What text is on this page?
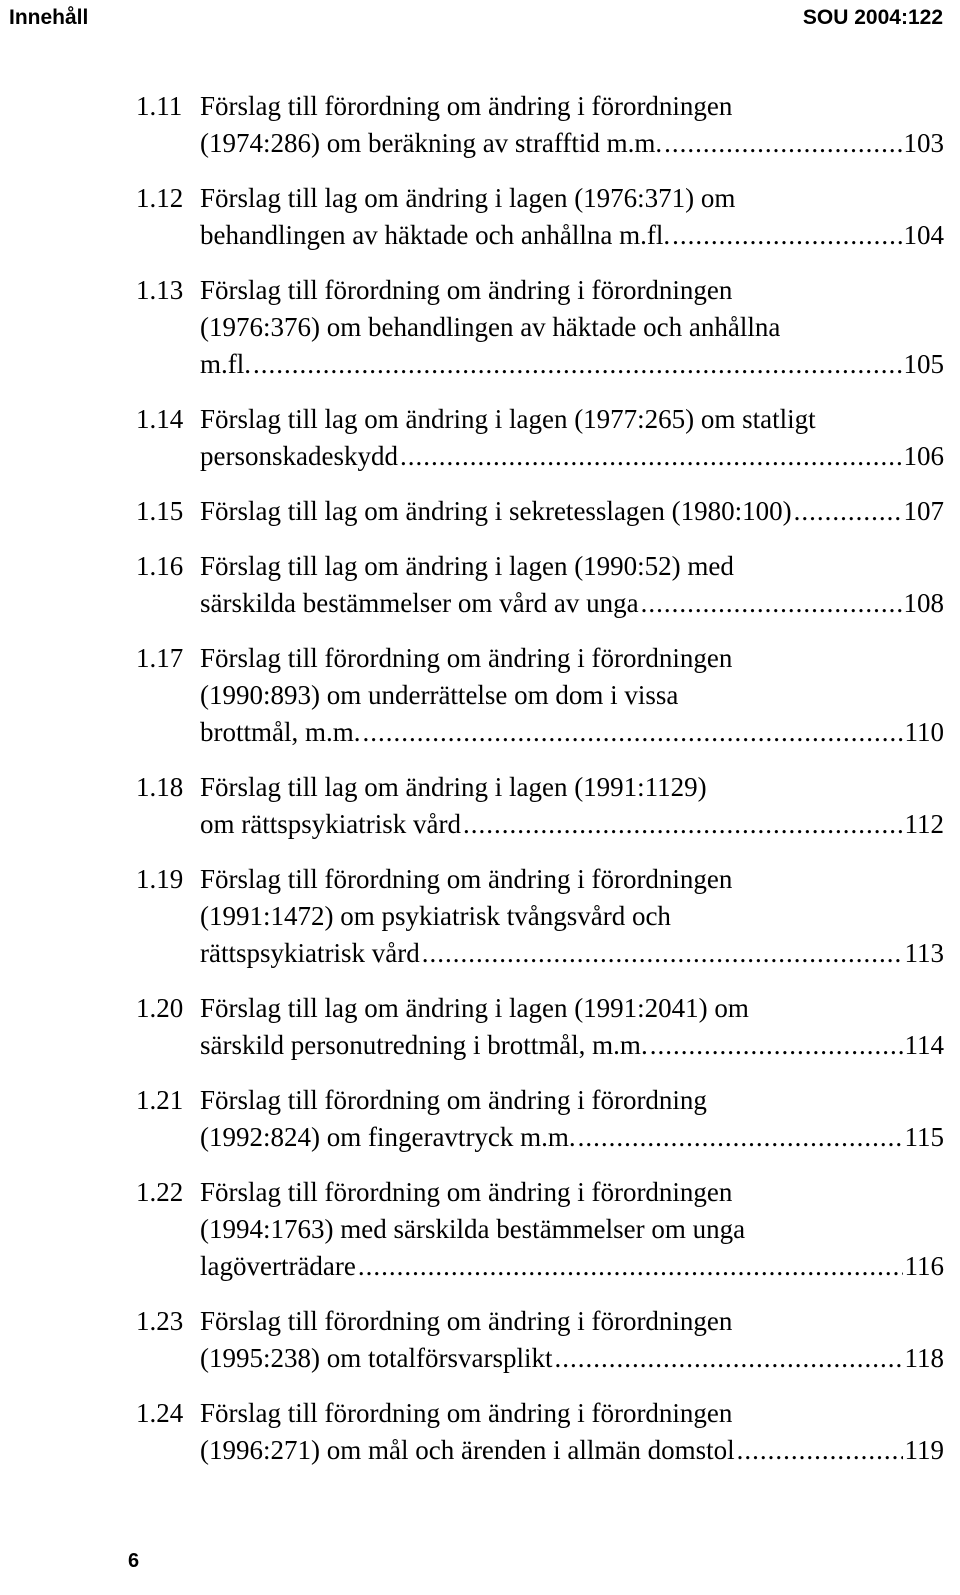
Innehåll	SOU 2004:122
1.11 Förslag till förordning om ändring i förordningen
(1974:286) om beräkning av strafftid m.m. .....	103
1.12 Förslag till lag om ändring i lagen (1976:371) om
behandlingen av häktade och anhållna m.fl. .....	104
1.13 Förslag till förordning om ändring i förordningen
(1976:376) om behandlingen av häktade och anhållna
m.fl. .....	105
1.14 Förslag till lag om ändring i lagen (1977:265) om statligt
personskadeskydd .....	106
1.15 Förslag till lag om ändring i sekretesslagen (1980:100) .....	107
1.16 Förslag till lag om ändring i lagen (1990:52) med
särskilda bestämmelser om vård av unga .....	108
1.17 Förslag till förordning om ändring i förordningen
(1990:893) om underrättelse om dom i vissa
brottmål, m.m. .....	110
1.18 Förslag till lag om ändring i lagen (1991:1129)
om rättspsykiatrisk vård .....	112
1.19 Förslag till förordning om ändring i förordningen
(1991:1472) om psykiatrisk tvångsvård och
rättspsykiatrisk vård .....	113
1.20 Förslag till lag om ändring i lagen (1991:2041) om
särskild personutredning i brottmål, m.m. .....	114
1.21 Förslag till förordning om ändring i förordning
(1992:824) om fingeravtryck m.m. .....	115
1.22 Förslag till förordning om ändring i förordningen
(1994:1763) med särskilda bestämmelser om unga
lagöverträdare .....	116
1.23 Förslag till förordning om ändring i förordningen
(1995:238) om totalförsvarsplikt .....	118
1.24 Förslag till förordning om ändring i förordningen
(1996:271) om mål och ärenden i allmän domstol .....	119
6
